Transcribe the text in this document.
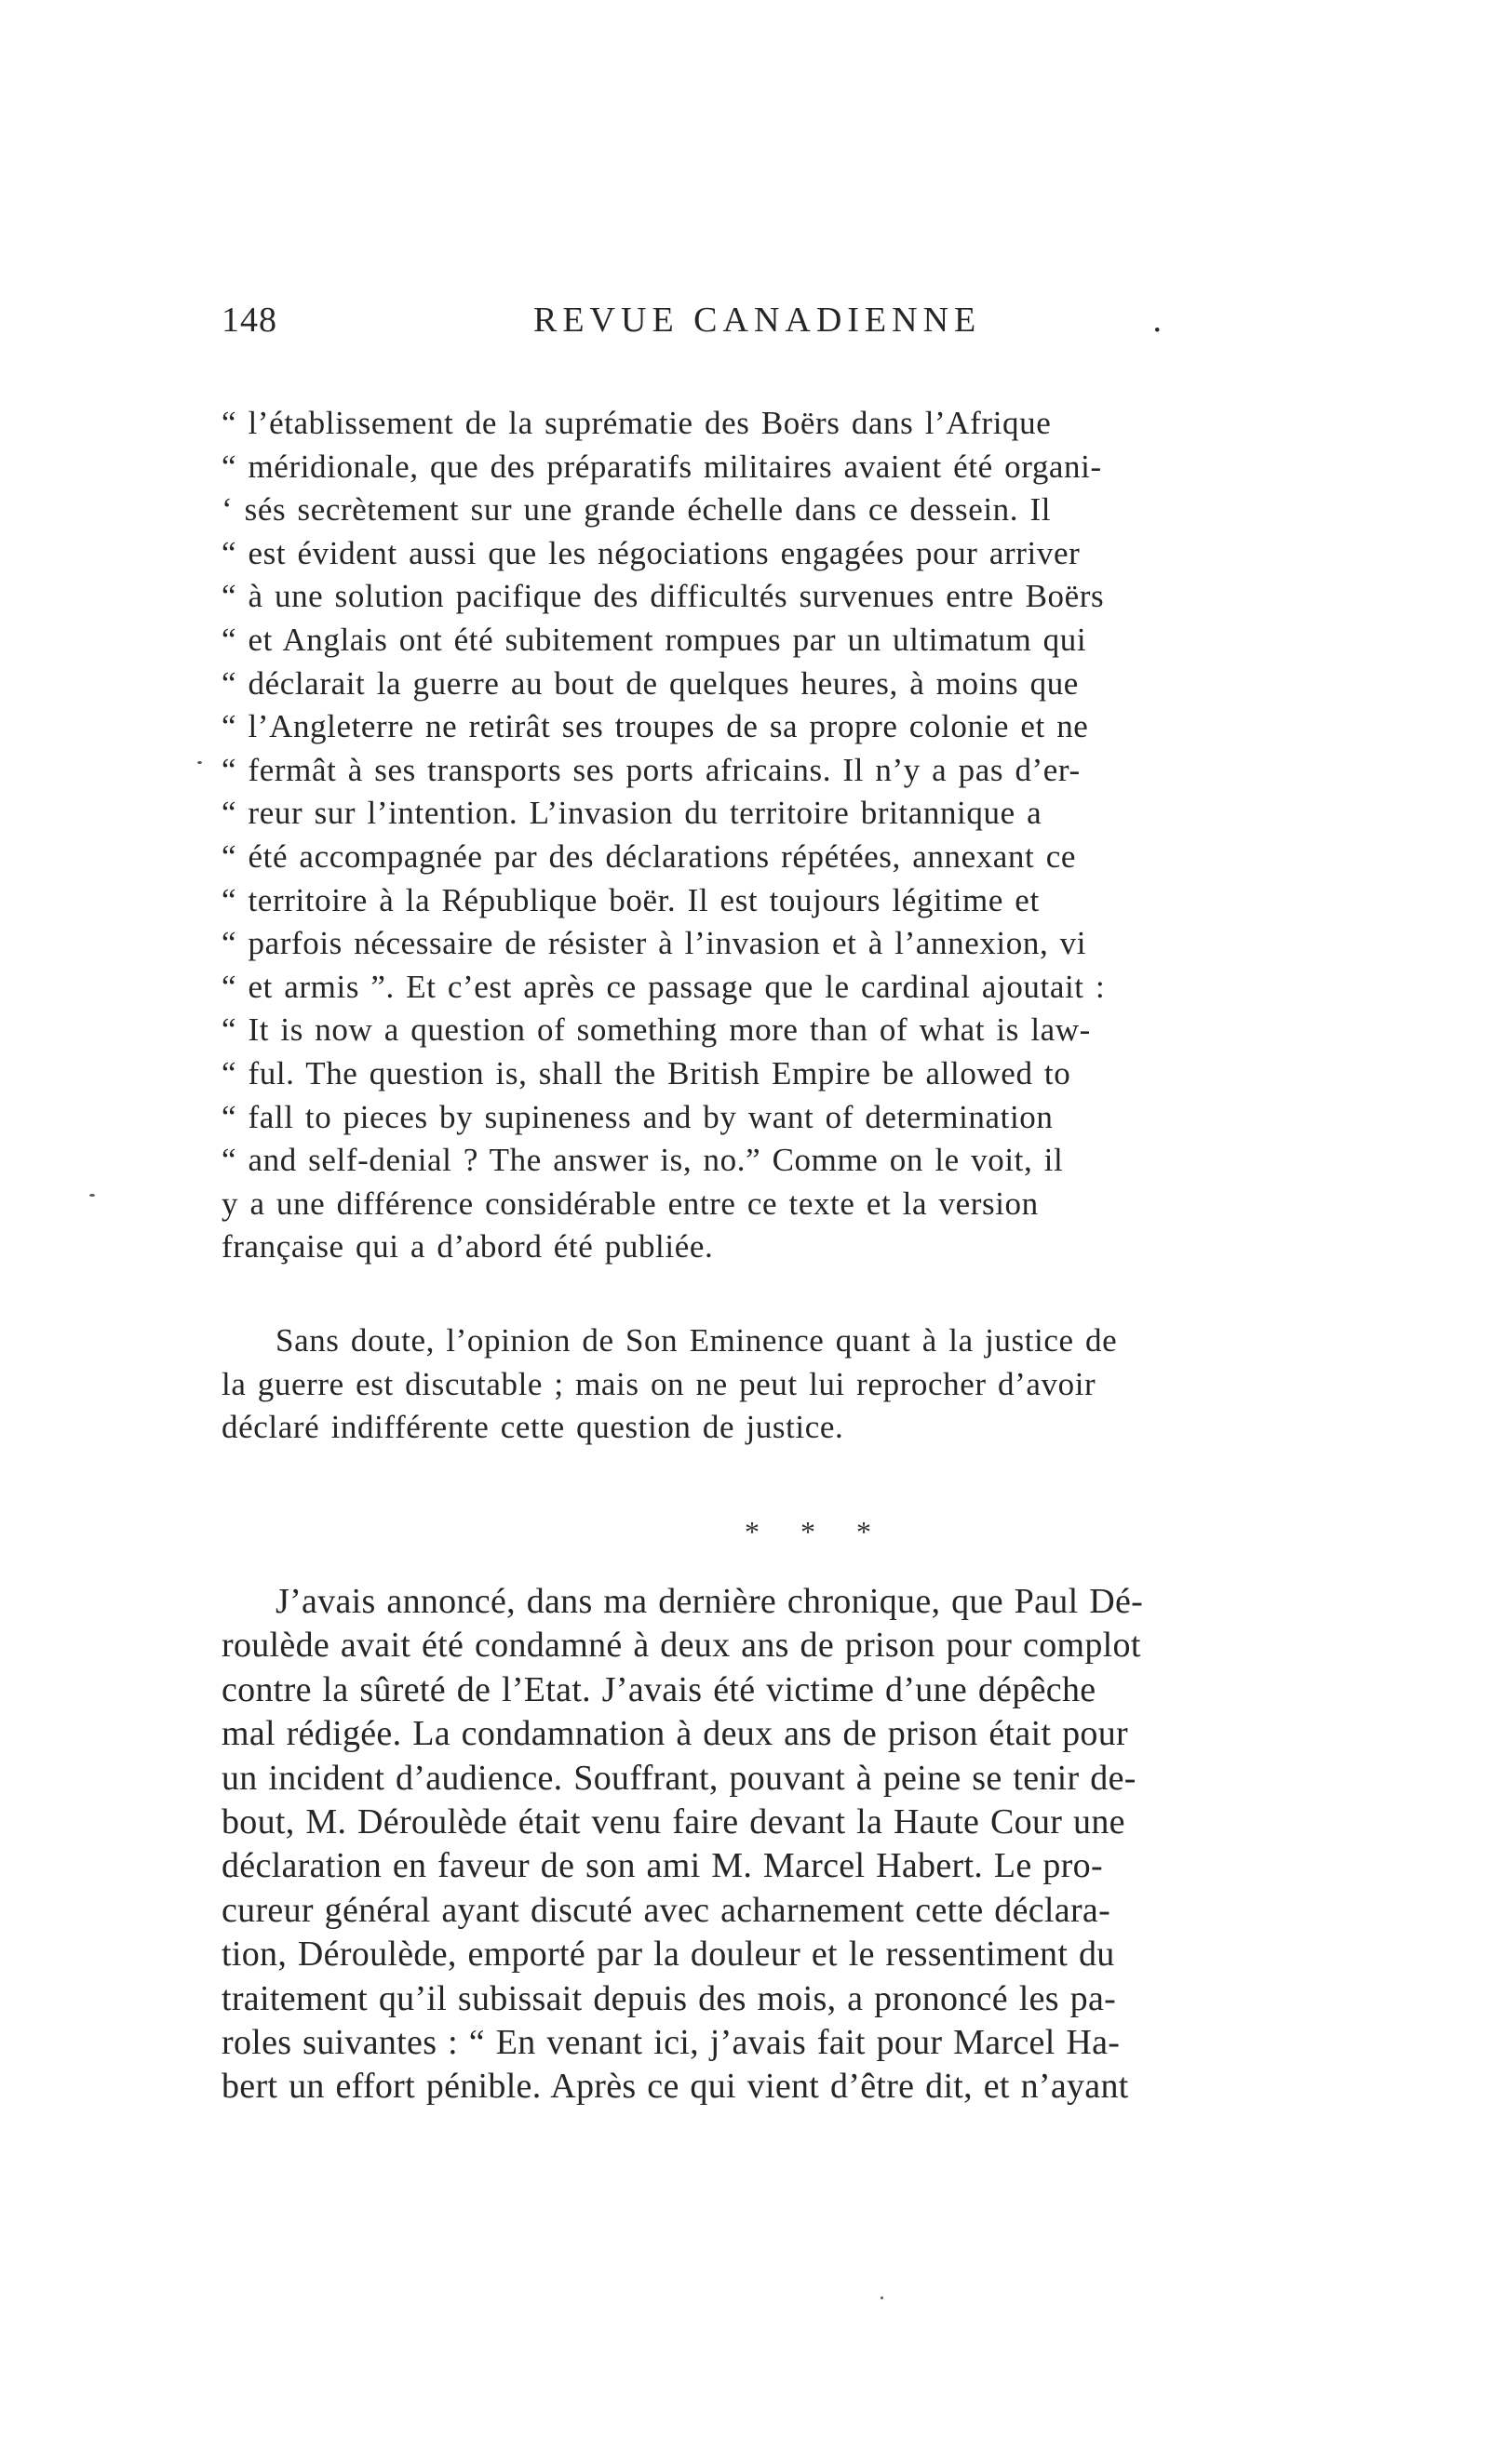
148	REVUE CANADIENNE	.
“ l’établissement de la suprématie des Boërs dans l’Afrique
“ méridionale, que des préparatifs militaires avaient été organi-
‘ sés secrètement sur une grande échelle dans ce dessein. Il
“ est évident aussi que les négociations engagées pour arriver
“ à une solution pacifique des difficultés survenues entre Boërs
“ et Anglais ont été subitement rompues par un ultimatum qui
“ déclarait la guerre au bout de quelques heures, à moins que
“ l’Angleterre ne retirât ses troupes de sa propre colonie et ne
“ fermât à ses transports ses ports africains. Il n’y a pas d’er-
“ reur sur l’intention. L’invasion du territoire britannique a
“ été accompagnée par des déclarations répétées, annexant ce
“ territoire à la République boër. Il est toujours légitime et
“ parfois nécessaire de résister à l’invasion et à l’annexion, vi
“ et armis ”. Et c’est après ce passage que le cardinal ajoutait :
“ It is now a question of something more than of what is law-
“ ful. The question is, shall the British Empire be allowed to
“ fall to pieces by supineness and by want of determination
“ and self-denial ? The answer is, no.” Comme on le voit, il
y a une différence considérable entre ce texte et la version
française qui a d’abord été publiée.
Sans doute, l’opinion de Son Eminence quant à la justice de
la guerre est discutable ; mais on ne peut lui reprocher d’avoir
déclaré indifférente cette question de justice.
* * *
J’avais annoncé, dans ma dernière chronique, que Paul Dé-
roulède avait été condamné à deux ans de prison pour complot
contre la sûreté de l’Etat. J’avais été victime d’une dépêche
mal rédigée. La condamnation à deux ans de prison était pour
un incident d’audience. Souffrant, pouvant à peine se tenir de-
bout, M. Déroulède était venu faire devant la Haute Cour une
déclaration en faveur de son ami M. Marcel Habert. Le pro-
cureur général ayant discuté avec acharnement cette déclara-
tion, Déroulède, emporté par la douleur et le ressentiment du
traitement qu’il subissait depuis des mois, a prononcé les pa-
roles suivantes : “ En venant ici, j’avais fait pour Marcel Ha-
bert un effort pénible. Après ce qui vient d’être dit, et n’ayant
